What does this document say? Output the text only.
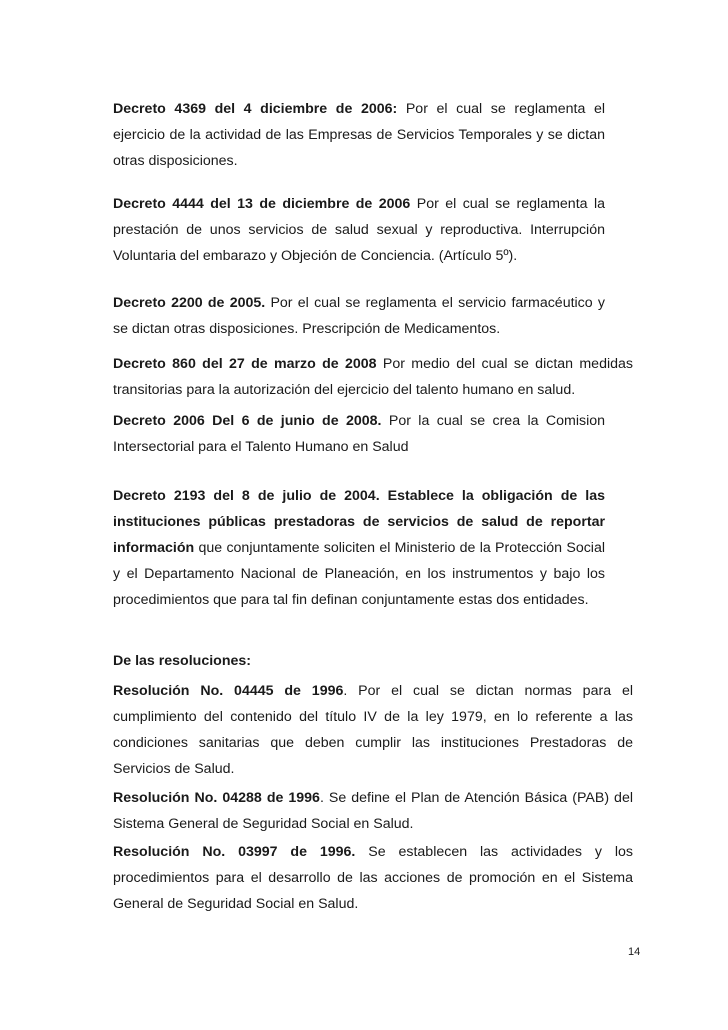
Decreto 4369 del 4 diciembre de 2006: Por el cual se reglamenta el ejercicio de la actividad de las Empresas de Servicios Temporales y se dictan otras disposiciones.

Decreto 4444 del 13 de diciembre de 2006 Por el cual se reglamenta la prestación de unos servicios de salud sexual y reproductiva. Interrupción Voluntaria del embarazo y Objeción de Conciencia. (Artículo 5º).

Decreto 2200 de 2005. Por el cual se reglamenta el servicio farmacéutico y se dictan otras disposiciones. Prescripción de Medicamentos.

Decreto 860 del 27 de marzo de 2008 Por medio del cual se dictan medidas transitorias para la autorización del ejercicio del talento humano en salud.

Decreto 2006 Del 6 de junio de 2008. Por la cual se crea la Comision Intersectorial para el Talento Humano en Salud

Decreto 2193 del 8 de julio de 2004. Establece la obligación de las instituciones públicas prestadoras de servicios de salud de reportar información que conjuntamente soliciten el Ministerio de la Protección Social y el Departamento Nacional de Planeación, en los instrumentos y bajo los procedimientos que para tal fin definan conjuntamente estas dos entidades.

De las resoluciones:

Resolución No. 04445 de 1996. Por el cual se dictan normas para el cumplimiento del contenido del título IV de la ley 1979, en lo referente a las condiciones sanitarias que deben cumplir las instituciones Prestadoras de Servicios de Salud.

Resolución No. 04288 de 1996. Se define el Plan de Atención Básica (PAB) del Sistema General de Seguridad Social en Salud.

Resolución No. 03997 de 1996. Se establecen las actividades y los procedimientos para el desarrollo de las acciones de promoción en el Sistema General de Seguridad Social en Salud.

14
